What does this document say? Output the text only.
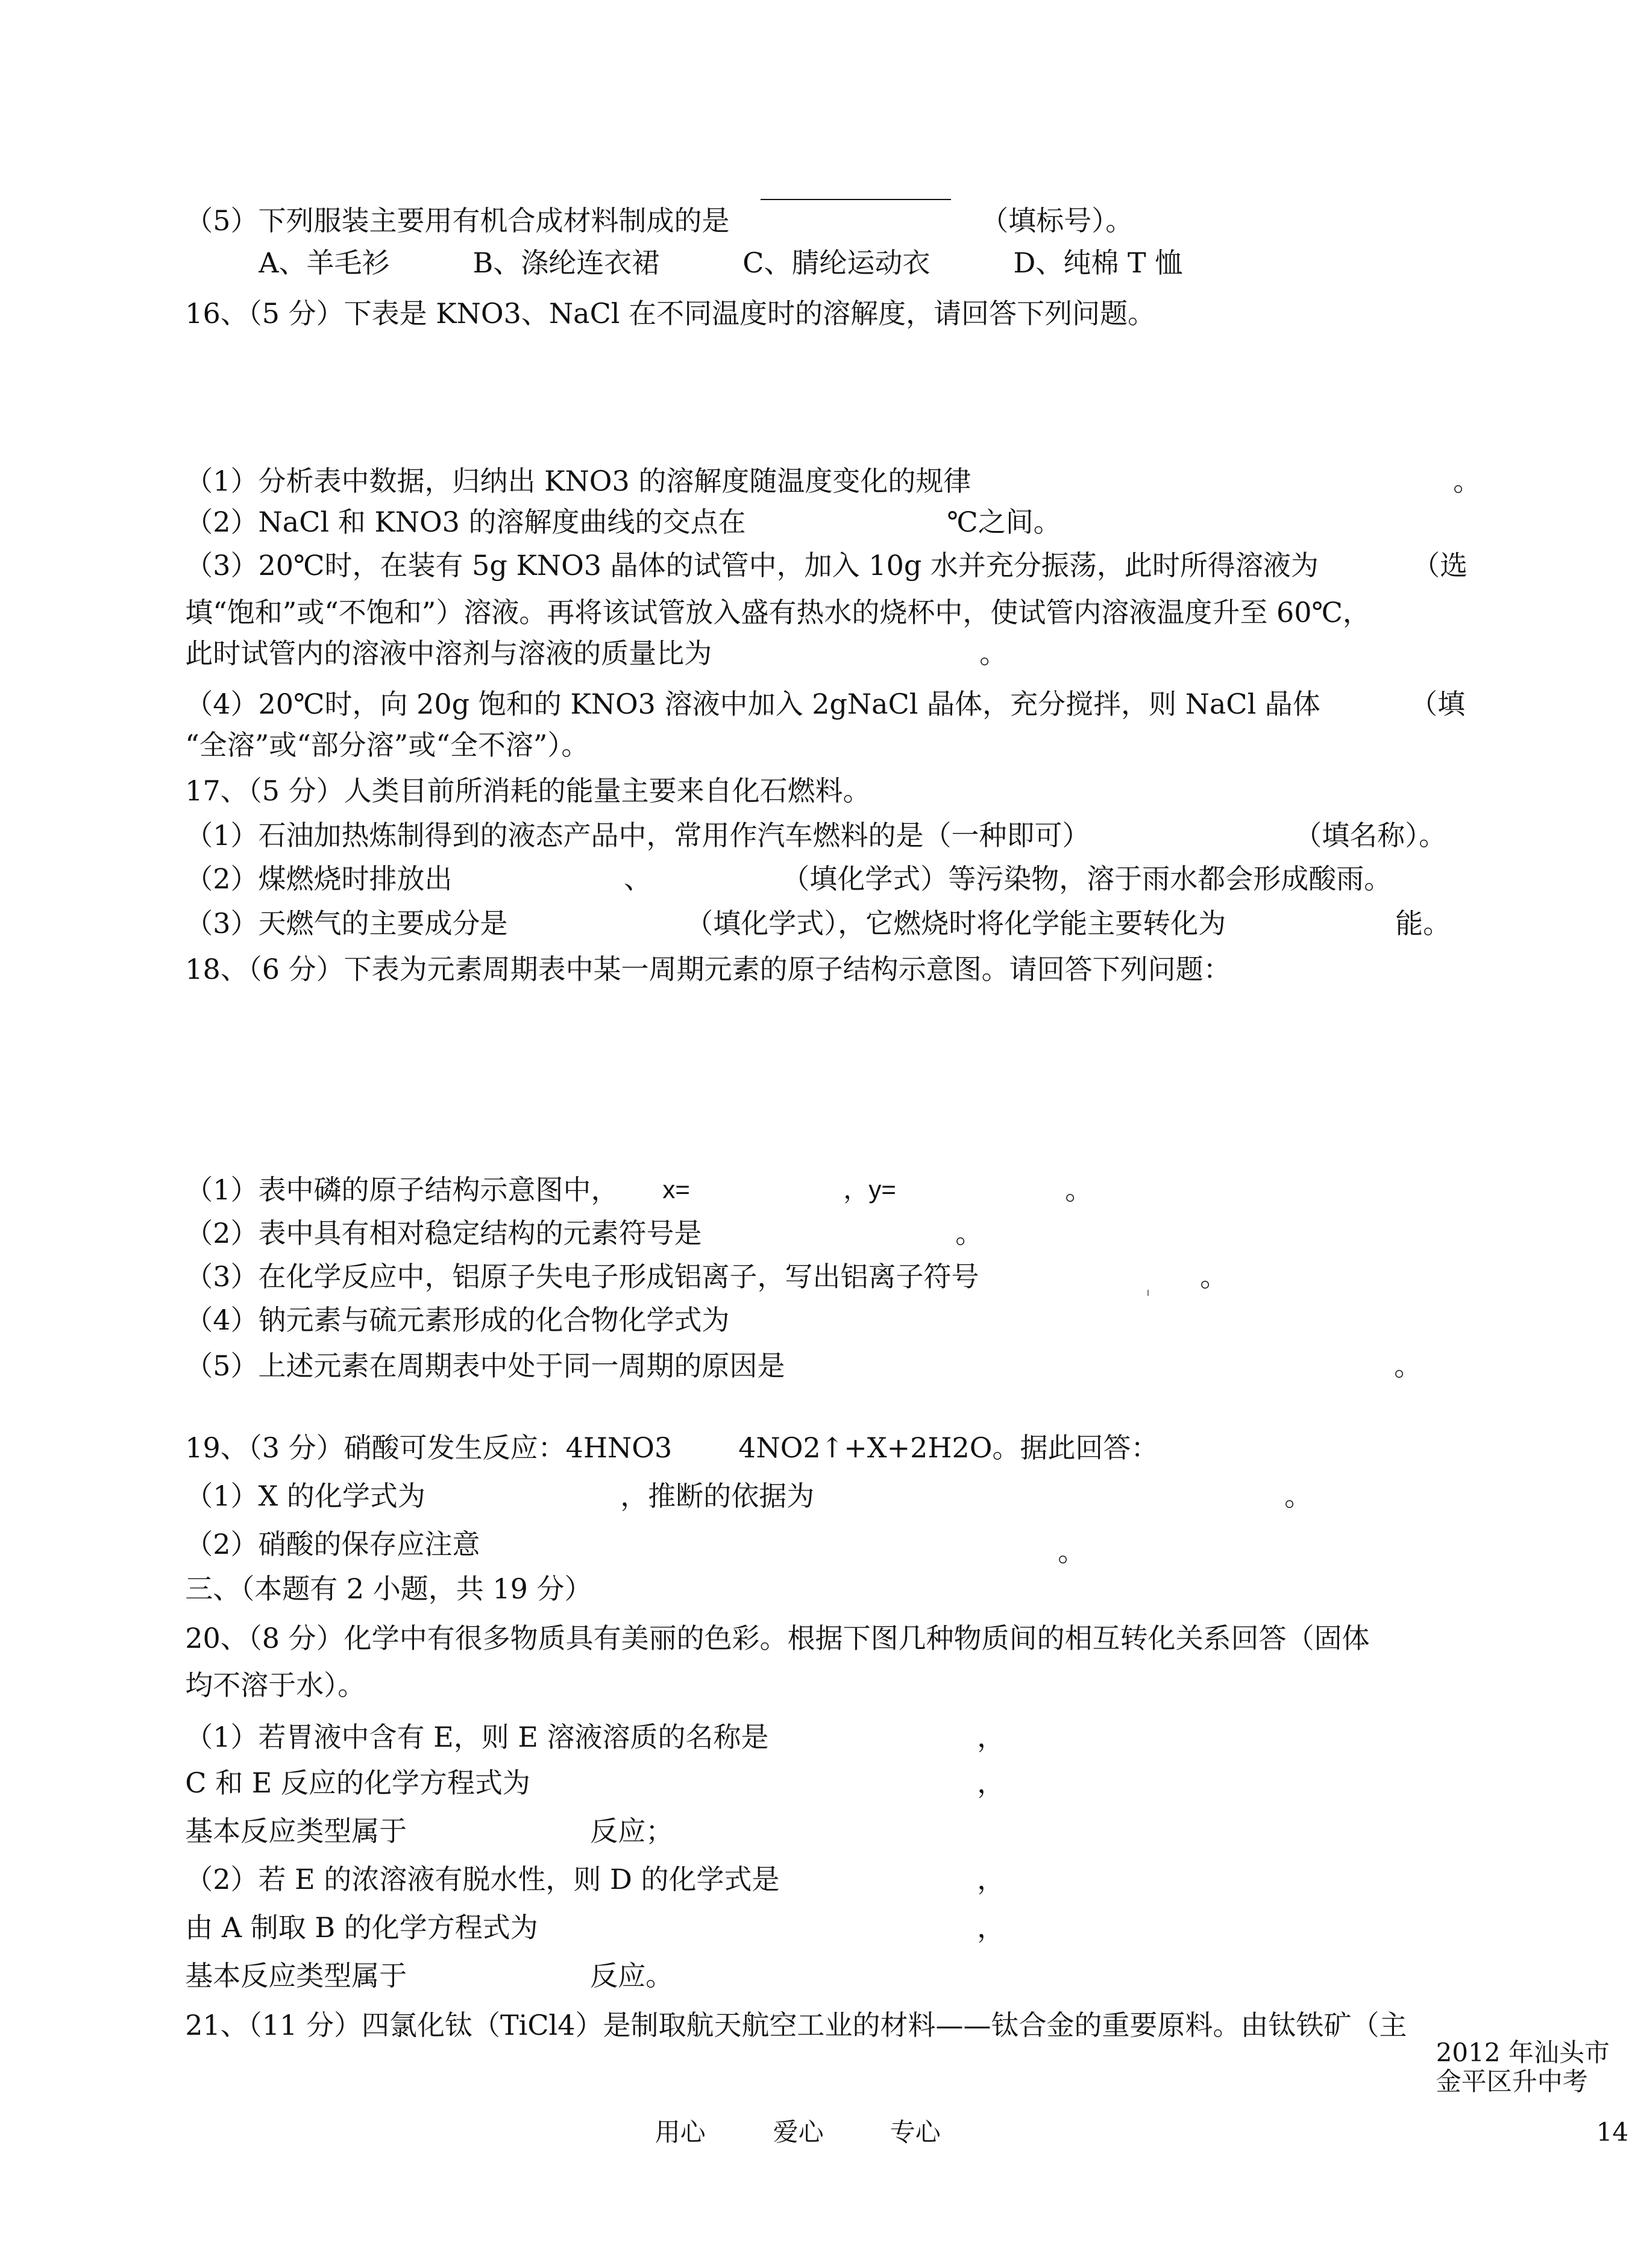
（5）下列服装主要用有机合成材料制成的是	（填标号）。

A、羊毛衫　　　B、涤纶连衣裙　　　C、腈纶运动衣　　　D、纯棉 T 恤

16、（5 分）下表是 KNO3、NaCl 在不同温度时的溶解度，请回答下列问题。

（1）分析表中数据，归纳出 KNO3 的溶解度随温度变化的规律	。

（2）NaCl 和 KNO3 的溶解度曲线的交点在	℃之间。

（3）20℃时，在装有 5g KNO3 晶体的试管中，加入 10g 水并充分振荡，此时所得溶液为	（选

填“饱和”或“不饱和”）溶液。再将该试管放入盛有热水的烧杯中，使试管内溶液温度升至 60℃，

此时试管内的溶液中溶剂与溶液的质量比为	。

（4）20℃时，向 20g 饱和的 KNO3 溶液中加入 2gNaCl 晶体，充分搅拌，则 NaCl 晶体	（填

“全溶”或“部分溶”或“全不溶”）。

17、（5 分）人类目前所消耗的能量主要来自化石燃料。

（1）石油加热炼制得到的液态产品中，常用作汽车燃料的是（一种即可）	（填名称）。

（2）煤燃烧时排放出	、	（填化学式）等污染物，溶于雨水都会形成酸雨。

（3）天燃气的主要成分是	（填化学式），它燃烧时将化学能主要转化为	能。

18、（6 分）下表为元素周期表中某一周期元素的原子结构示意图。请回答下列问题：

（1）表中磷的原子结构示意图中，	x=	，y=	。

（2）表中具有相对稳定结构的元素符号是	。

（3）在化学反应中，铝原子失电子形成铝离子，写出铝离子符号	。

（4）钠元素与硫元素形成的化合物化学式为

（5）上述元素在周期表中处于同一周期的原因是	。

19、（3 分）硝酸可发生反应：4HNO3	4NO2↑+X+2H2O。据此回答：

（1）X 的化学式为	，推断的依据为	。

（2）硝酸的保存应注意	。

三、（本题有 2 小题，共 19 分）

20、（8 分）化学中有很多物质具有美丽的色彩。根据下图几种物质间的相互转化关系回答（固体

均不溶于水）。

（1）若胃液中含有 E，则 E 溶液溶质的名称是	，

C 和 E 反应的化学方程式为	，

基本反应类型属于	反应；

（2）若 E 的浓溶液有脱水性，则 D 的化学式是	，

由 A 制取 B 的化学方程式为	，

基本反应类型属于	反应。

21、（11 分）四氯化钛（TiCl4）是制取航天航空工业的材料——钛合金的重要原料。由钛铁矿（主

2012 年汕头市

金平区升中考

用心	爱心	专心	14
